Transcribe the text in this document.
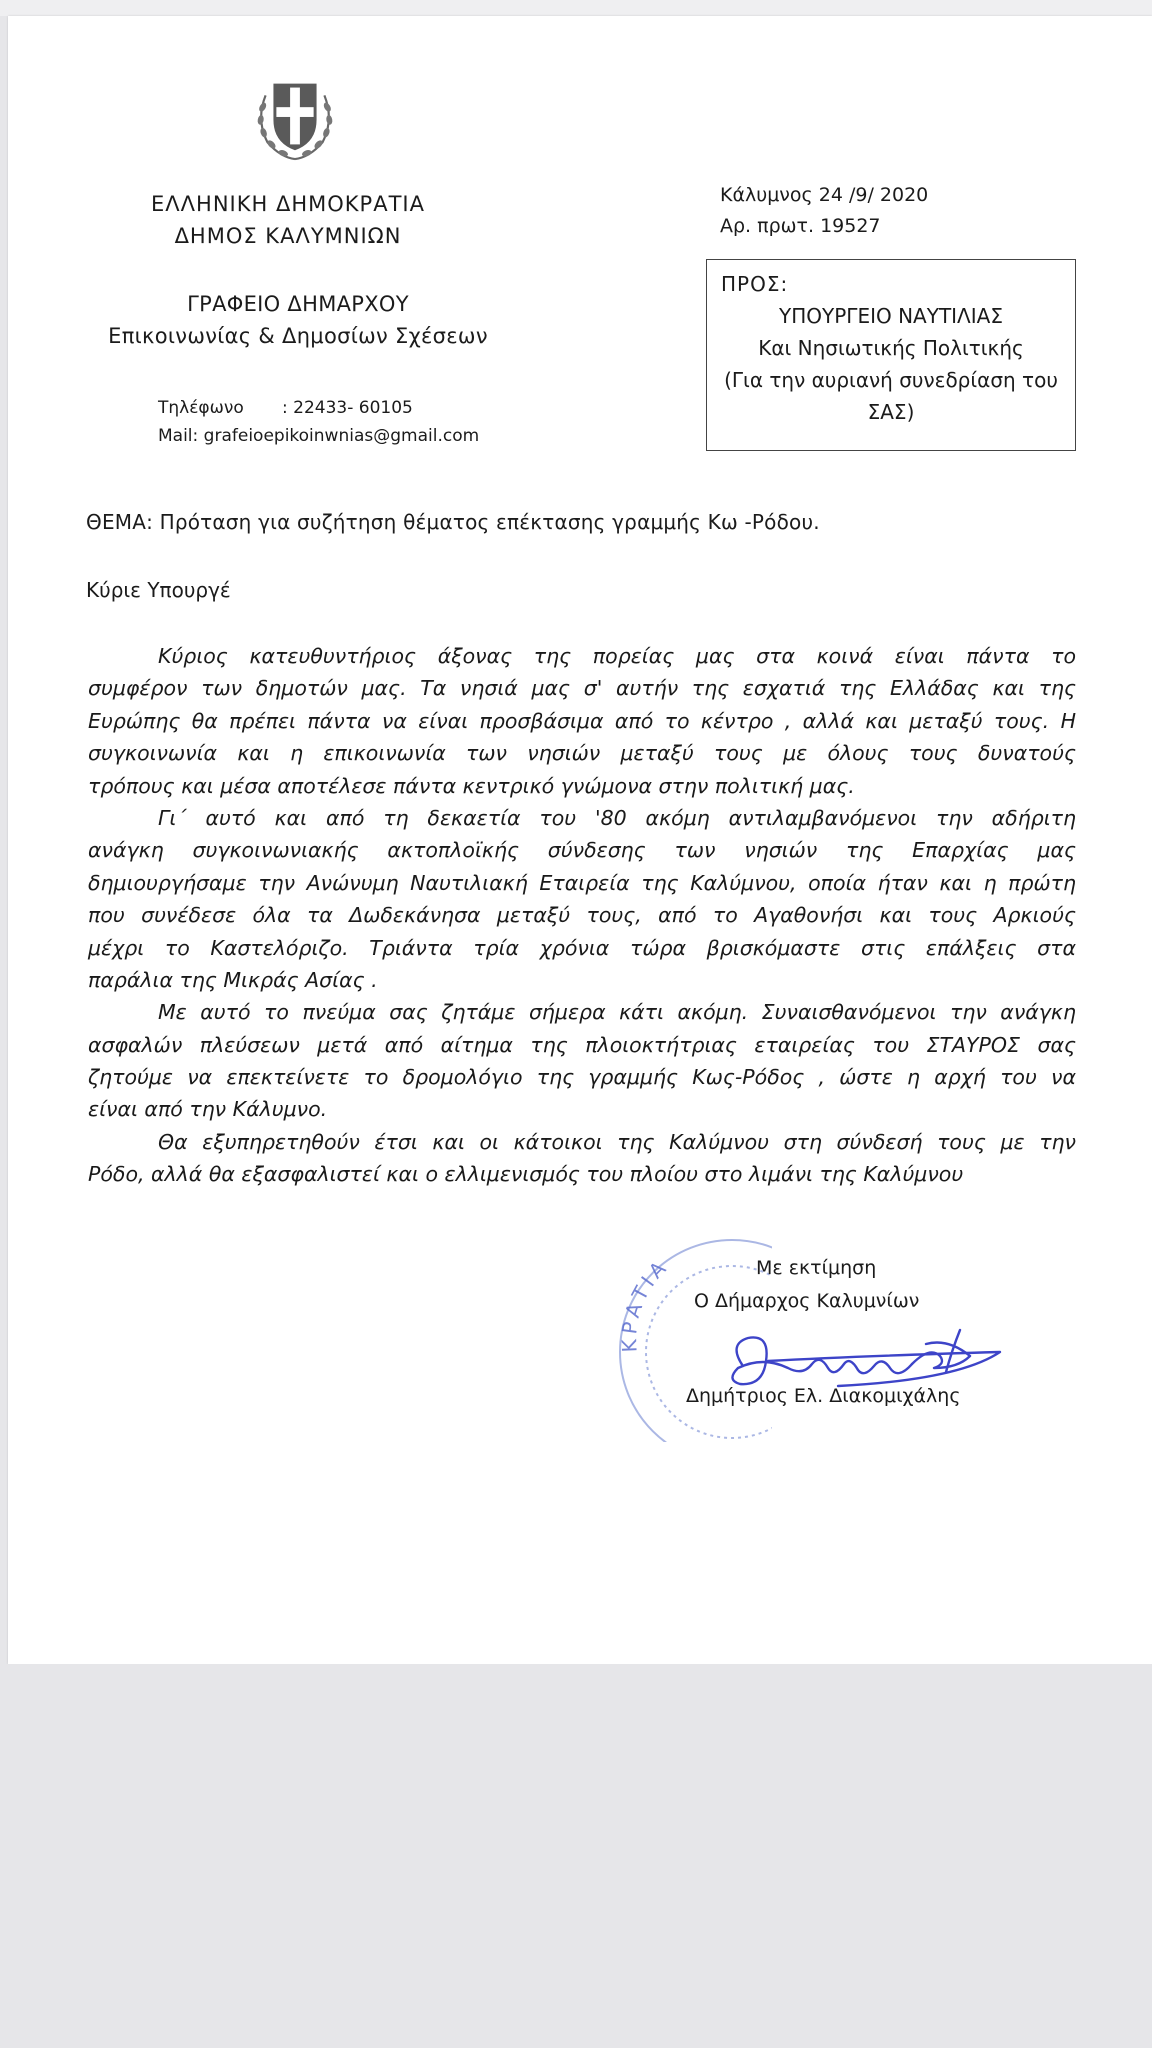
ΕΛΛΗΝΙΚΗ ΔΗΜΟΚΡΑΤΙΑ
ΔΗΜΟΣ ΚΑΛΥΜΝΙΩΝ
ΓΡΑΦΕΙΟ ΔΗΜΑΡΧΟΥ
Επικοινωνίας & Δημοσίων Σχέσεων
Τηλέφωνο : 22433- 60105
Mail: grafeioepikoinwnias@gmail.com
Κάλυμνος 24 /9/ 2020
Αρ. πρωτ. 19527
ΠΡΟΣ:
ΥΠΟΥΡΓΕΙΟ ΝΑΥΤΙΛΙΑΣ
Και Νησιωτικής Πολιτικής
(Για την αυριανή συνεδρίαση του
ΣΑΣ)
ΘΕΜΑ: Πρόταση για συζήτηση θέματος επέκτασης γραμμής Κω -Ρόδου.
Κύριε Υπουργέ
Κύριος κατευθυντήριος άξονας της πορείας μας στα κοινά είναι πάντα το
συμφέρον των δημοτών μας. Τα νησιά μας σ' αυτήν της εσχατιά της Ελλάδας και της
Ευρώπης θα πρέπει πάντα να είναι προσβάσιμα από το κέντρο , αλλά και μεταξύ τους. Η
συγκοινωνία και η επικοινωνία των νησιών μεταξύ τους με όλους τους δυνατούς
τρόπους και μέσα αποτέλεσε πάντα κεντρικό γνώμονα στην πολιτική μας.
Γι΄ αυτό και από τη δεκαετία του '80 ακόμη αντιλαμβανόμενοι την αδήριτη
ανάγκη συγκοινωνιακής ακτοπλοϊκής σύνδεσης των νησιών της Επαρχίας μας
δημιουργήσαμε την Ανώνυμη Ναυτιλιακή Εταιρεία της Καλύμνου, οποία ήταν και η πρώτη
που συνέδεσε όλα τα Δωδεκάνησα μεταξύ τους, από το Αγαθονήσι και τους Αρκιούς
μέχρι το Καστελόριζο. Τριάντα τρία χρόνια τώρα βρισκόμαστε στις επάλξεις στα
παράλια της Μικράς Ασίας .
Με αυτό το πνεύμα σας ζητάμε σήμερα κάτι ακόμη. Συναισθανόμενοι την ανάγκη
ασφαλών πλεύσεων μετά από αίτημα της πλοιοκτήτριας εταιρείας του ΣΤΑΥΡΟΣ σας
ζητούμε να επεκτείνετε το δρομολόγιο της γραμμής Κως-Ρόδος , ώστε η αρχή του να
είναι από την Κάλυμνο.
Θα εξυπηρετηθούν έτσι και οι κάτοικοι της Καλύμνου στη σύνδεσή τους με την
Ρόδο, αλλά θα εξασφαλιστεί και ο ελλιμενισμός του πλοίου στο λιμάνι της Καλύμνου
ΚΡΑΤΙΑ	Με εκτίμηση
Ο Δήμαρχος Καλυμνίων
Δημήτριος Ελ. Διακομιχάλης
